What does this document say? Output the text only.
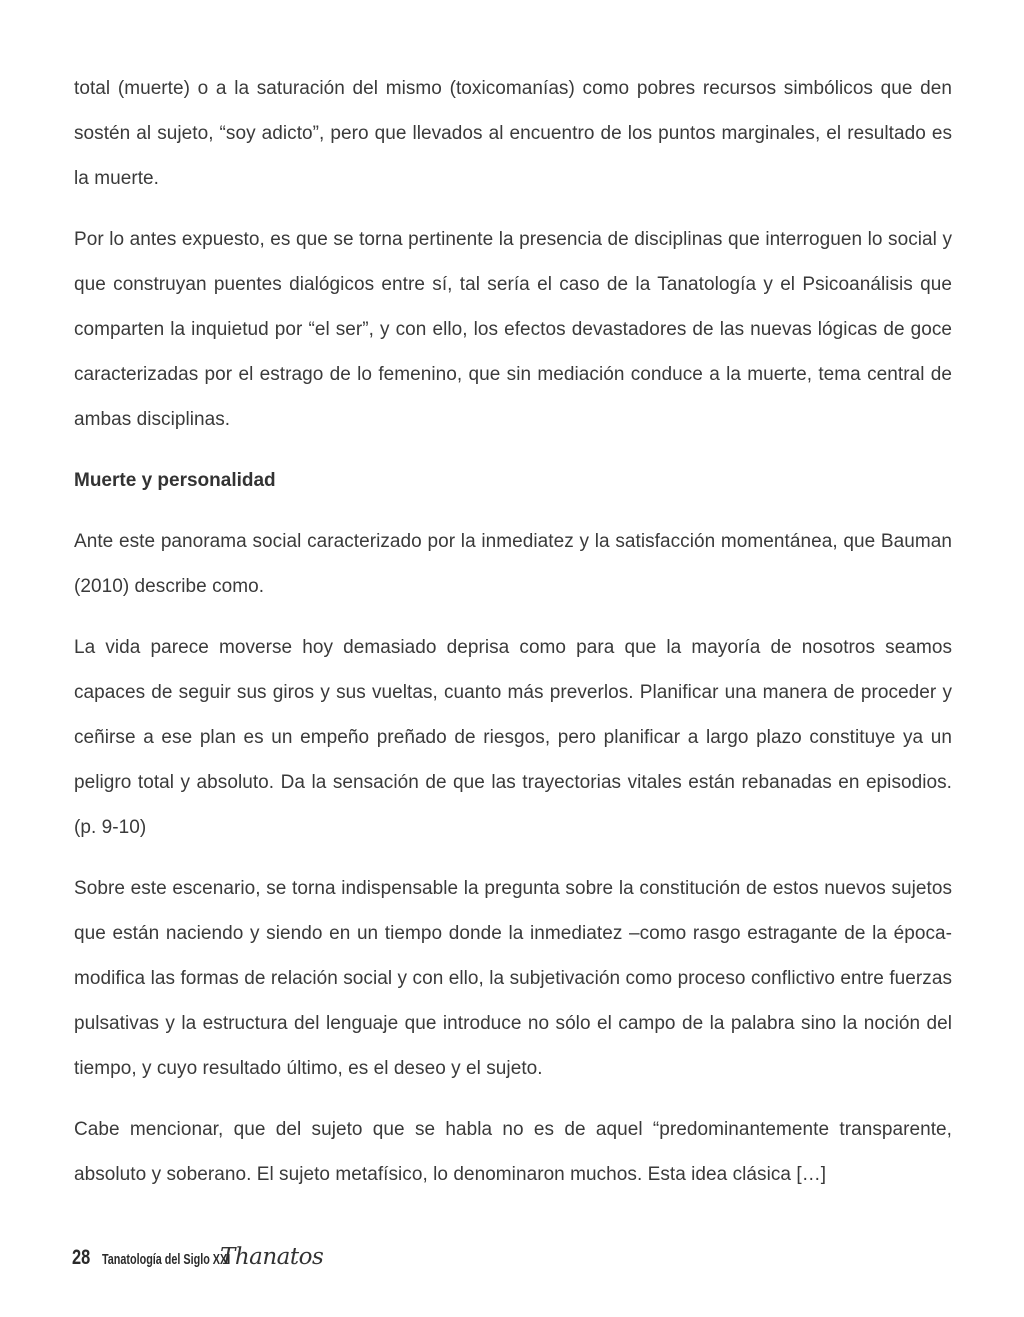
total (muerte) o a la saturación del mismo (toxicomanías) como pobres recursos simbólicos que den sostén al sujeto, “soy adicto”, pero que llevados al encuentro de los puntos marginales, el resultado es la muerte.

Por lo antes expuesto, es que se torna pertinente la presencia de disciplinas que interroguen lo social y que construyan puentes dialógicos entre sí, tal sería el caso de la Tanatología y el Psicoanálisis que comparten la inquietud por “el ser”, y con ello, los efectos devastadores de las nuevas lógicas de goce caracterizadas por el estrago de lo femenino, que sin mediación conduce a la muerte, tema central de ambas disciplinas.

Muerte y personalidad

Ante este panorama social caracterizado por la inmediatez y la satisfacción momentánea, que Bauman (2010) describe como.

La vida parece moverse hoy demasiado deprisa como para que la mayoría de nosotros seamos capaces de seguir sus giros y sus vueltas, cuanto más preverlos. Planificar una manera de proceder y ceñirse a ese plan es un empeño preñado de riesgos, pero planificar a largo plazo constituye ya un peligro total y absoluto. Da la sensación de que las trayectorias vitales están rebanadas en episodios. (p. 9-10)

Sobre este escenario, se torna indispensable la pregunta sobre la constitución de estos nuevos sujetos que están naciendo y siendo en un tiempo donde la inmediatez –como rasgo estragante de la época- modifica las formas de relación social y con ello, la subjetivación como proceso conflictivo entre fuerzas pulsativas y la estructura del lenguaje que introduce no sólo el campo de la palabra sino la noción del tiempo, y cuyo resultado último, es el deseo y el sujeto.

Cabe mencionar, que del sujeto que se habla no es de aquel “predominantemente transparente, absoluto y soberano. El sujeto metafísico, lo denominaron muchos. Esta idea clásica […]

28 Tanatología del Siglo XXI
Thanatos
